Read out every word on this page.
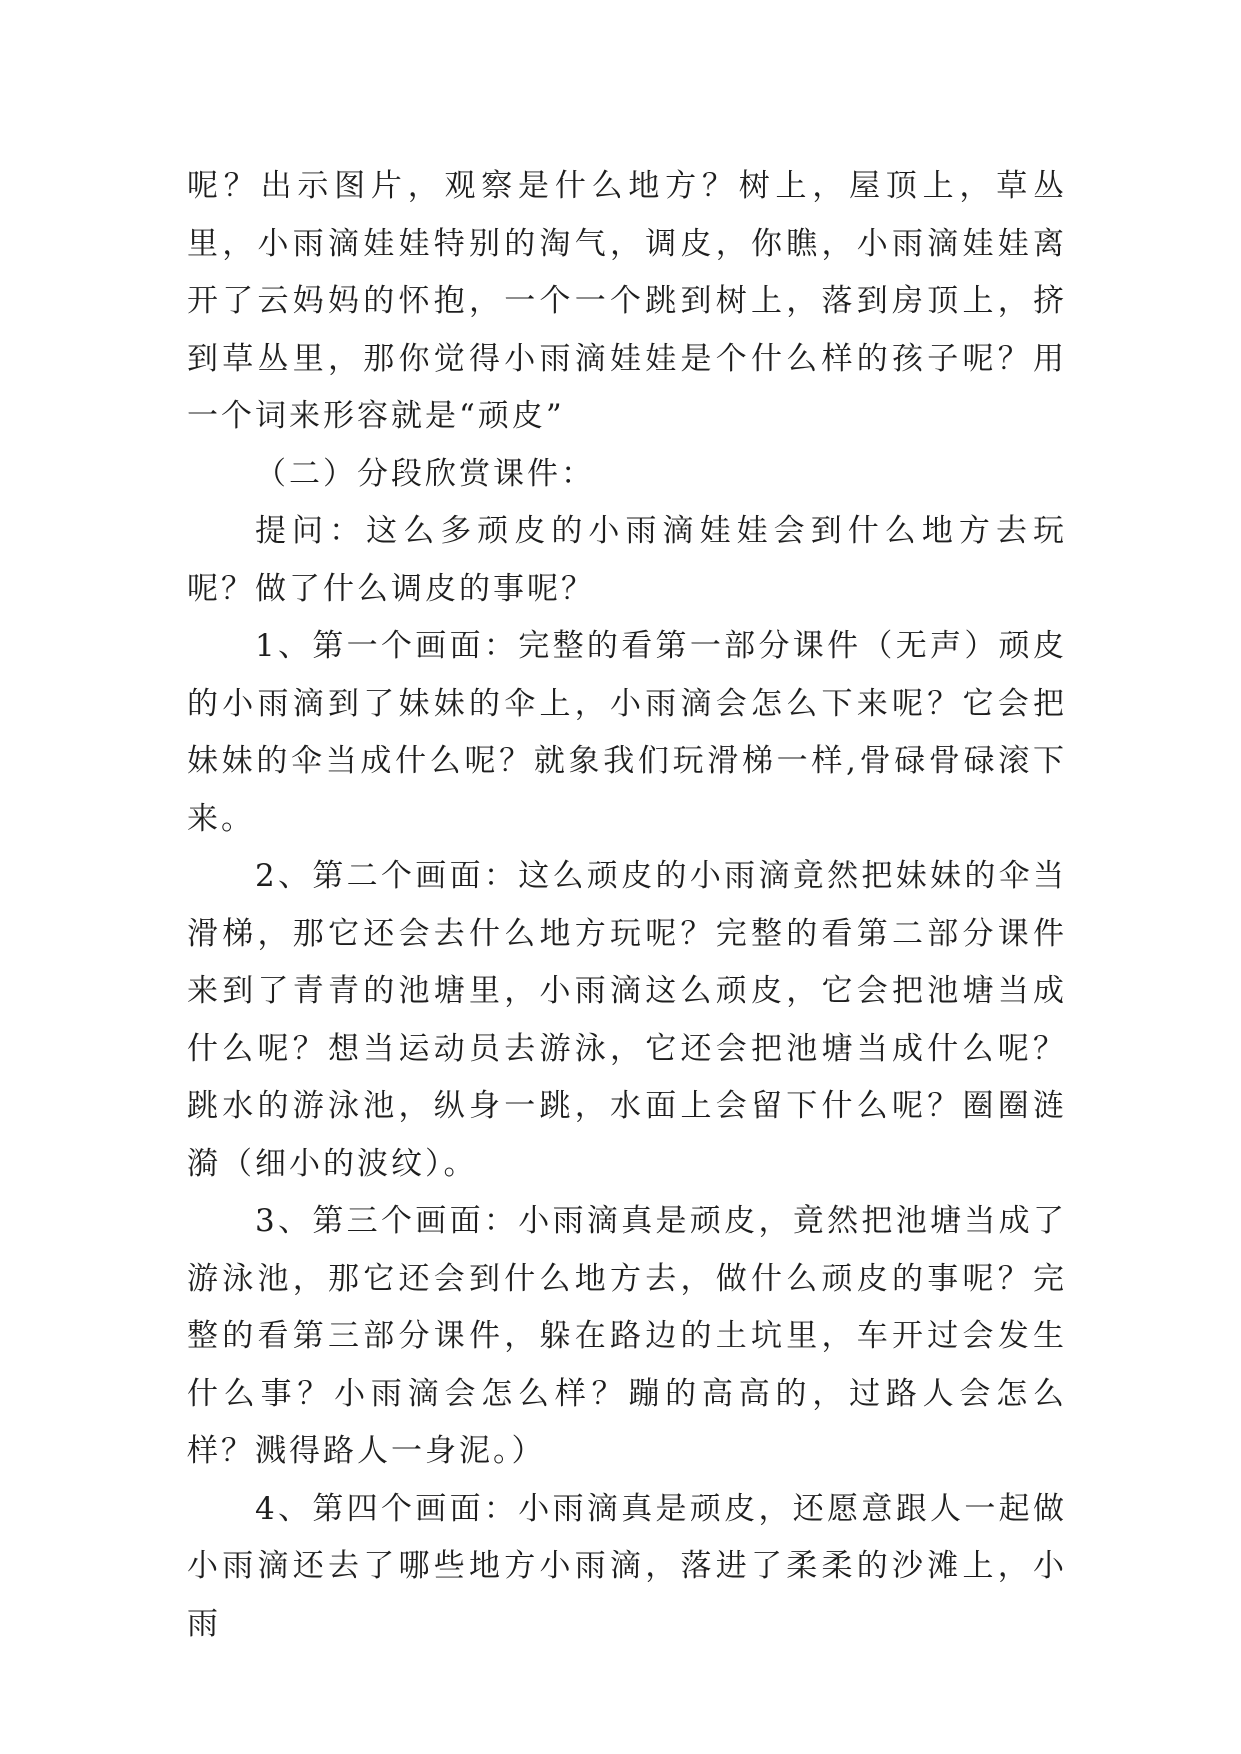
呢？出示图片，观察是什么地方？树上，屋顶上，草丛里，小雨滴娃娃特别的淘气，调皮，你瞧，小雨滴娃娃离开了云妈妈的怀抱，一个一个跳到树上，落到房顶上，挤到草丛里，那你觉得小雨滴娃娃是个什么样的孩子呢？用一个词来形容就是“顽皮”

（二）分段欣赏课件：

提问：这么多顽皮的小雨滴娃娃会到什么地方去玩呢？做了什么调皮的事呢？

1、第一个画面：完整的看第一部分课件（无声）顽皮的小雨滴到了妹妹的伞上，小雨滴会怎么下来呢？它会把妹妹的伞当成什么呢？就象我们玩滑梯一样,骨碌骨碌滚下来。

2、第二个画面：这么顽皮的小雨滴竟然把妹妹的伞当滑梯，那它还会去什么地方玩呢？完整的看第二部分课件来到了青青的池塘里，小雨滴这么顽皮，它会把池塘当成什么呢？想当运动员去游泳，它还会把池塘当成什么呢？跳水的游泳池，纵身一跳，水面上会留下什么呢？圈圈涟漪（细小的波纹）。

3、第三个画面：小雨滴真是顽皮，竟然把池塘当成了游泳池，那它还会到什么地方去，做什么顽皮的事呢？完整的看第三部分课件，躲在路边的土坑里，车开过会发生什么事？小雨滴会怎么样？蹦的高高的，过路人会怎么样？溅得路人一身泥。）

4、第四个画面：小雨滴真是顽皮，还愿意跟人一起做小雨滴还去了哪些地方小雨滴，落进了柔柔的沙滩上，小雨
